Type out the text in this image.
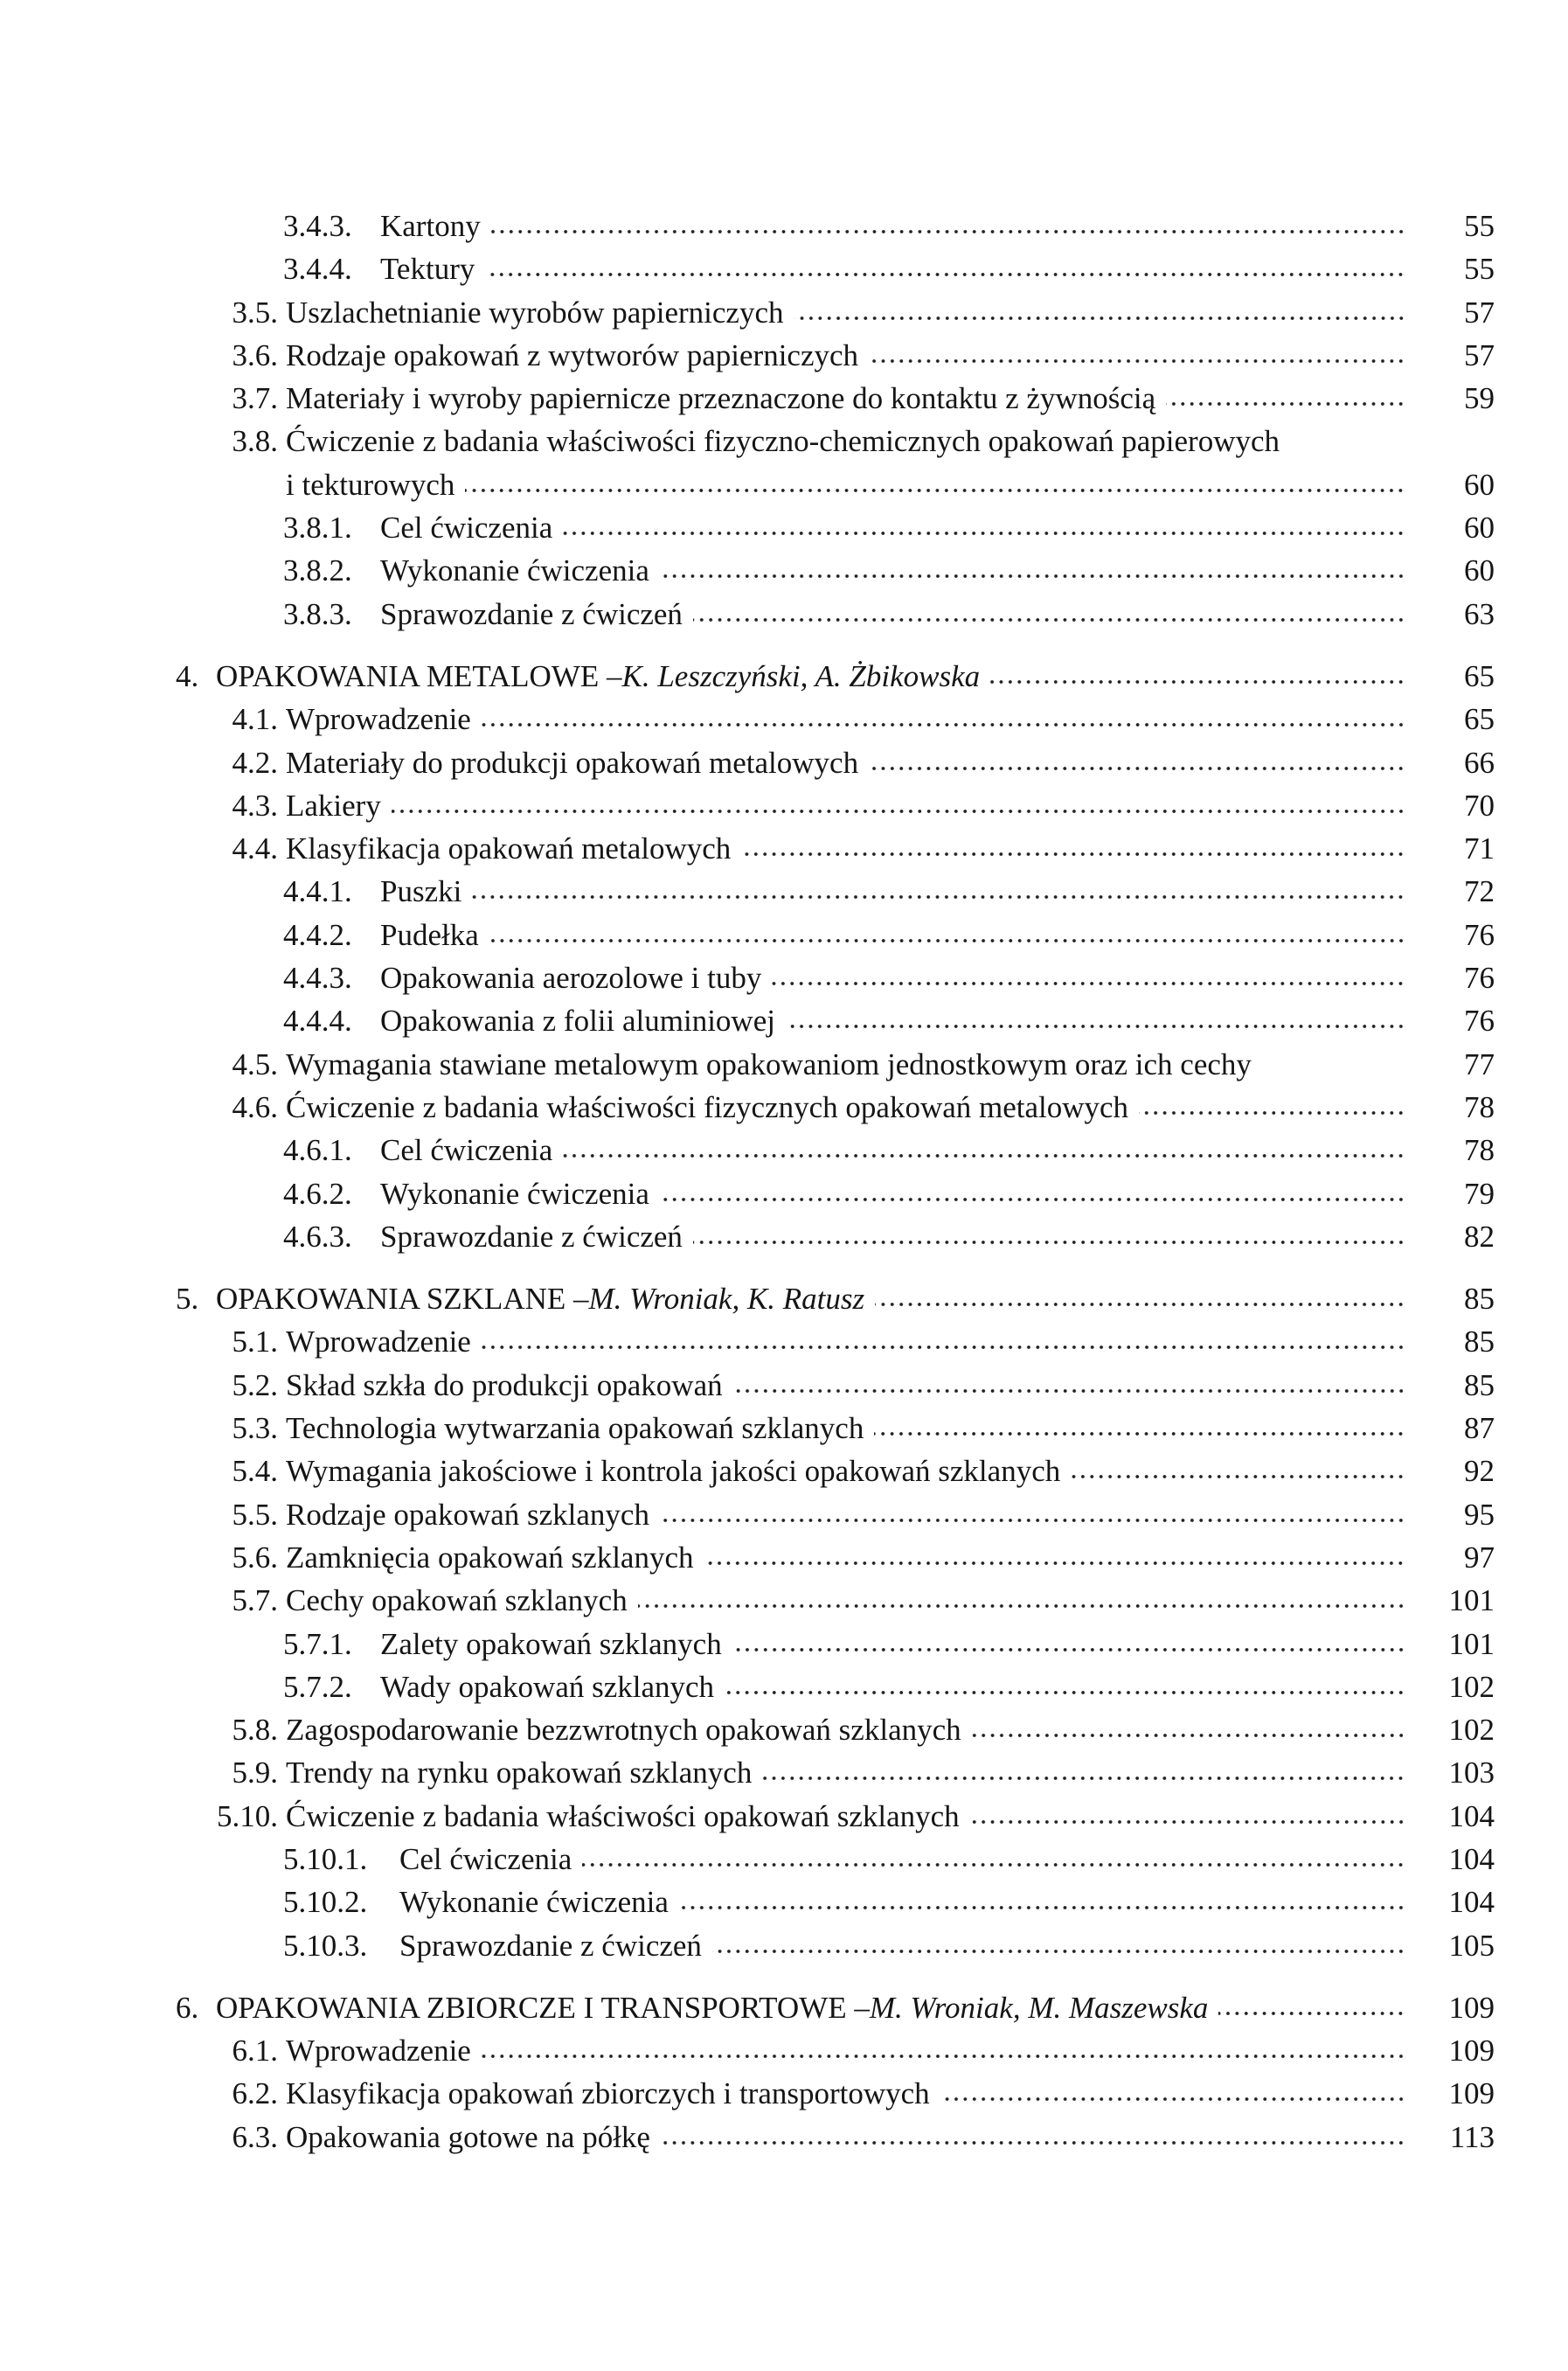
3.4.3. Kartony	55
3.4.4. Tektury	55
3.5. Uszlachetnianie wyrobów papierniczych	57
3.6. Rodzaje opakowań z wytworów papierniczych	57
3.7. Materiały i wyroby papiernicze przeznaczone do kontaktu z żywnością	59
3.8. Ćwiczenie z badania właściwości fizyczno-chemicznych opakowań papierowych
i tekturowych	60
3.8.1. Cel ćwiczenia	60
3.8.2. Wykonanie ćwiczenia	60
3.8.3. Sprawozdanie z ćwiczeń	63
4. OPAKOWANIA METALOWE – K. Leszczyński, A. Żbikowska	65
4.1. Wprowadzenie	65
4.2. Materiały do produkcji opakowań metalowych	66
4.3. Lakiery	70
4.4. Klasyfikacja opakowań metalowych	71
4.4.1. Puszki	72
4.4.2. Pudełka	76
4.4.3. Opakowania aerozolowe i tuby	76
4.4.4. Opakowania z folii aluminiowej	76
4.5. Wymagania stawiane metalowym opakowaniom jednostkowym oraz ich cechy	77
4.6. Ćwiczenie z badania właściwości fizycznych opakowań metalowych	78
4.6.1. Cel ćwiczenia	78
4.6.2. Wykonanie ćwiczenia	79
4.6.3. Sprawozdanie z ćwiczeń	82
5. OPAKOWANIA SZKLANE – M. Wroniak, K. Ratusz	85
5.1. Wprowadzenie	85
5.2. Skład szkła do produkcji opakowań	85
5.3. Technologia wytwarzania opakowań szklanych	87
5.4. Wymagania jakościowe i kontrola jakości opakowań szklanych	92
5.5. Rodzaje opakowań szklanych	95
5.6. Zamknięcia opakowań szklanych	97
5.7. Cechy opakowań szklanych	101
5.7.1. Zalety opakowań szklanych	101
5.7.2. Wady opakowań szklanych	102
5.8. Zagospodarowanie bezzwrotnych opakowań szklanych	102
5.9. Trendy na rynku opakowań szklanych	103
5.10. Ćwiczenie z badania właściwości opakowań szklanych	104
5.10.1.	Cel ćwiczenia	104
5.10.2.	Wykonanie ćwiczenia	104
5.10.3.	Sprawozdanie z ćwiczeń	105
6. OPAKOWANIA ZBIORCZE I TRANSPORTOWE – M. Wroniak, M. Maszewska	109
6.1. Wprowadzenie	109
6.2. Klasyfikacja opakowań zbiorczych i transportowych	109
6.3. Opakowania gotowe na półkę	113
